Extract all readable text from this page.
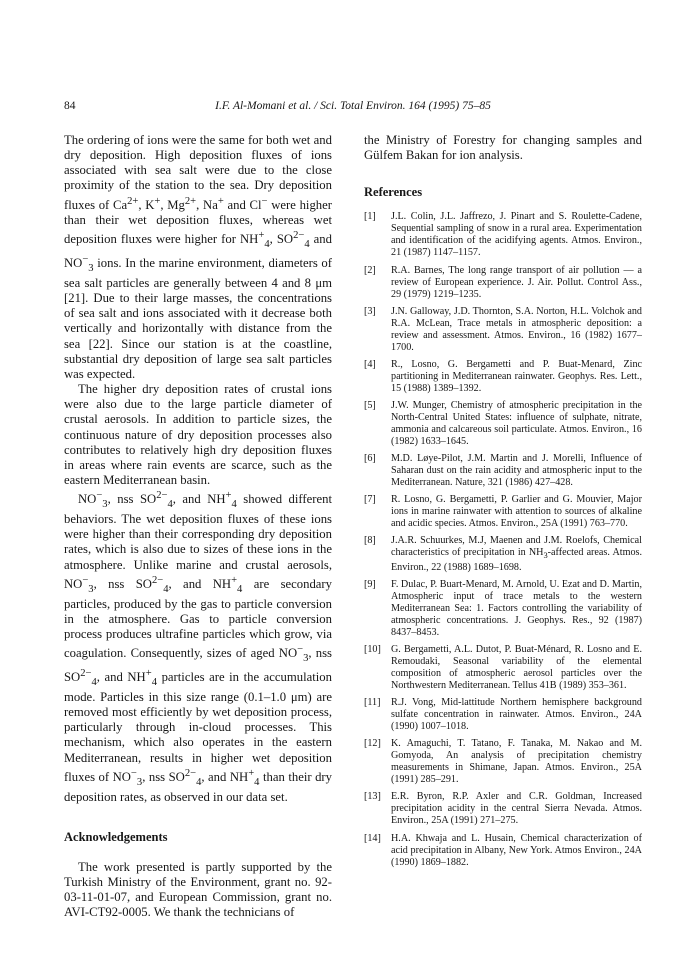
84	I.F. Al-Momani et al. / Sci. Total Environ. 164 (1995) 75–85

The ordering of ions were the same for both wet and dry deposition. High deposition fluxes of ions associated with sea salt were due to the close proximity of the station to the sea. Dry deposition fluxes of $Ca^{2+}$, K+, $Mg^{2+}$, Na+ and Cl− were higher than their wet deposition fluxes, whereas wet deposition fluxes were higher for $NH^+_4$, $SO^{2-}_4$ and $NO^-_3$ ions. In the marine environment, diameters of sea salt particles are generally between 4 and 8 μm [21]. Due to their large masses, the concentrations of sea salt and ions associated with it decrease both vertically and horizontally with distance from the sea [22]. Since our station is at the coastline, substantial dry deposition of large sea salt particles was expected.

The higher dry deposition rates of crustal ions were also due to the large particle diameter of crustal aerosols. In addition to particle sizes, the continuous nature of dry deposition processes also contributes to relatively high dry deposition fluxes in areas where rain events are scarce, such as the eastern Mediterranean basin.

$NO^-_3$, nss $SO^{2-}_4$, and $NH^+_4$ showed different behaviors. The wet deposition fluxes of these ions were higher than their corresponding dry deposition rates, which is also due to sizes of these ions in the atmosphere. Unlike marine and crustal aerosols, $NO^-_3$, nss $SO^{2-}_4$, and $NH^+_4$ are secondary particles, produced by the gas to particle conversion in the atmosphere. Gas to particle conversion process produces ultrafine particles which grow, via coagulation. Consequently, sizes of aged $NO^-_3$, nss $SO^{2-}_4$, and $NH^+_4$ particles are in the accumulation mode. Particles in this size range (0.1–1.0 μm) are removed most efficiently by wet deposition process, particularly through in-cloud processes. This mechanism, which also operates in the eastern Mediterranean, results in higher wet deposition fluxes of $NO^-_3$, nss $SO^{2-}_4$, and $NH^+_4$ than their dry deposition rates, as observed in our data set.

Acknowledgements

The work presented is partly supported by the Turkish Ministry of the Environment, grant no. 92-03-11-01-07, and European Commission, grant no. AVI-CT92-0005. We thank the technicians of

the Ministry of Forestry for changing samples and Gülfem Bakan for ion analysis.

References
[1]	J.L. Colin, J.L. Jaffrezo, J. Pinart and S. Roulette-Cadene, Sequential sampling of snow in a rural area. Experimentation and identification of the acidifying agents. Atmos. Environ., 21 (1987) 1147–1157.
[2]	R.A. Barnes, The long range transport of air pollution — a review of European experience. J. Air. Pollut. Control Ass., 29 (1979) 1219–1235.
[3]	J.N. Galloway, J.D. Thornton, S.A. Norton, H.L. Volchok and R.A. McLean, Trace metals in atmospheric deposition: a review and assessment. Atmos. Environ., 16 (1982) 1677–1700.
[4]	R., Losno, G. Bergametti and P. Buat-Menard, Zinc partitioning in Mediterranean rainwater. Geophys. Res. Lett., 15 (1988) 1389–1392.
[5]	J.W. Munger, Chemistry of atmospheric precipitation in the North-Central United States: influence of sulphate, nitrate, ammonia and calcareous soil particulate. Atmos. Environ., 16 (1982) 1633–1645.
[6]	M.D. Løye-Pilot, J.M. Martin and J. Morelli, Influence of Saharan dust on the rain acidity and atmospheric input to the Mediterranean. Nature, 321 (1986) 427–428.
[7]	R. Losno, G. Bergametti, P. Garlier and G. Mouvier, Major ions in marine rainwater with attention to sources of alkaline and acidic species. Atmos. Environ., 25A (1991) 763–770.
[8]	J.A.R. Schuurkes, M.J, Maenen and J.M. Roelofs, Chemical characteristics of precipitation in $NH_3$-affected areas. Atmos. Environ., 22 (1988) 1689–1698.
[9]	F. Dulac, P. Buart-Menard, M. Arnold, U. Ezat and D. Martin, Atmospheric input of trace metals to the western Mediterranean Sea: 1. Factors controlling the variability of atmospheric concentrations. J. Geophys. Res., 92 (1987) 8437–8453.
[10] G. Bergametti, A.L. Dutot, P. Buat-Ménard, R. Losno and E. Remoudaki, Seasonal variability of the elemental composition of atmospheric aerosol particles over the Northwestern Mediterranean. Tellus 41B (1989) 353–361.
[11]	R.J. Vong, Mid-lattitude Northern hemisphere background sulfate concentration in rainwater. Atmos. Environ., 24A (1990) 1007–1018.
[12] K. Amaguchi, T. Tatano, F. Tanaka, M. Nakao and M. Gomyoda, An analysis of precipitation chemistry measurements in Shimane, Japan. Atmos. Environ., 25A (1991) 285–291.
[13] E.R. Byron, R.P. Axler and C.R. Goldman, Increased precipitation acidity in the central Sierra Nevada. Atmos. Environ., 25A (1991) 271–275.
[14] H.A. Khwaja and L. Husain, Chemical characterization of acid precipitation in Albany, New York. Atmos Environ., 24A (1990) 1869–1882.
